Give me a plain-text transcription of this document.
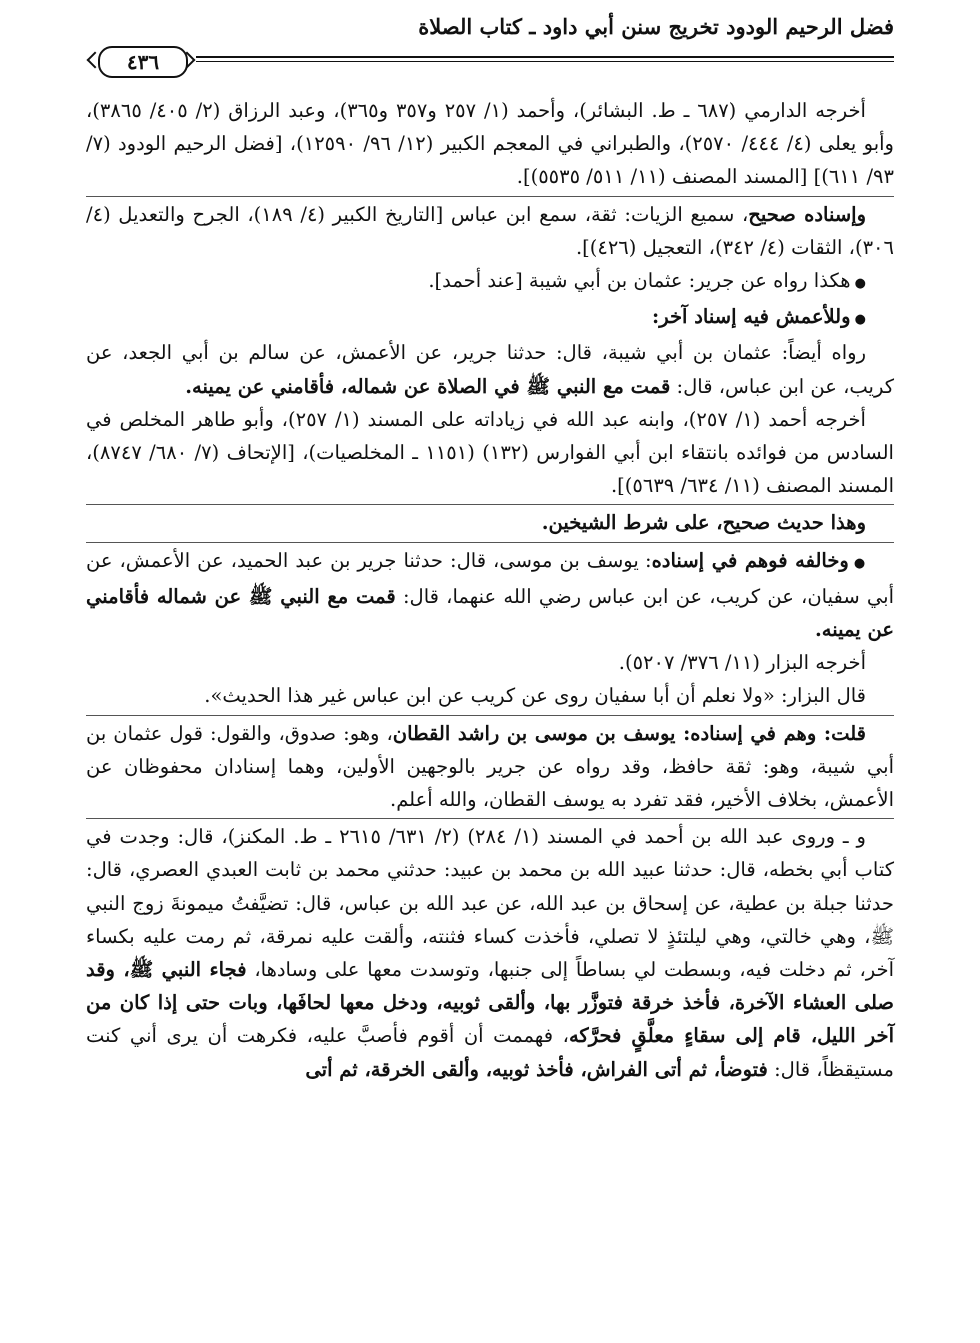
فضل الرحيم الودود تخريج سنن أبي داود ـ كتاب الصلاة
٤٣٦

أخرجه الدارمي (٦٨٧ ـ ط. البشائر)، وأحمد (١/ ٢٥٧ و٣٥٧ و٣٦٥)، وعبد الرزاق (٢/ ٤٠٥/ ٣٨٦٥)، وأبو يعلى (٤/ ٤٤٤/ ٢٥٧٠)، والطبراني في المعجم الكبير (١٢/ ٩٦/ ١٢٥٩٠)، [فضل الرحيم الودود (٧/ ٩٣/ ٦١١)] [المسند المصنف (١١/ ٥١١/ ٥٥٣٥)].

وإسناده صحيح، سميع الزيات: ثقة، سمع ابن عباس [التاريخ الكبير (٤/ ١٨٩)، الجرح والتعديل (٤/ ٣٠٦)، الثقات (٤/ ٣٤٢)، التعجيل (٤٢٦)].

● هكذا رواه عن جرير: عثمان بن أبي شيبة [عند أحمد].

● وللأعمش فيه إسناد آخر:

رواه أيضاً: عثمان بن أبي شيبة، قال: حدثنا جرير، عن الأعمش، عن سالم بن أبي الجعد، عن كريب، عن ابن عباس، قال: قمت مع النبي ﷺ في الصلاة عن شماله، فأقامني عن يمينه.

أخرجه أحمد (١/ ٢٥٧)، وابنه عبد الله في زياداته على المسند (١/ ٢٥٧)، وأبو طاهر المخلص في السادس من فوائده بانتقاء ابن أبي الفوارس (١٣٢) (١١٥١ ـ المخلصيات)، [الإتحاف (٧/ ٦٨٠/ ٨٧٤٧)، المسند المصنف (١١/ ٦٣٤/ ٥٦٣٩)].

وهذا حديث صحيح، على شرط الشيخين.

● وخالفه فوهم في إسناده: يوسف بن موسى، قال: حدثنا جرير بن عبد الحميد، عن الأعمش، عن أبي سفيان، عن كريب، عن ابن عباس رضي الله عنهما، قال: قمت مع النبي ﷺ عن شماله فأقامني عن يمينه.

أخرجه البزار (١١/ ٣٧٦/ ٥٢٠٧).

قال البزار: «ولا نعلم أن أبا سفيان روى عن كريب عن ابن عباس غير هذا الحديث».

قلت: وهم في إسناده: يوسف بن موسى بن راشد القطان، وهو: صدوق، والقول: قول عثمان بن أبي شيبة، وهو: ثقة حافظ، وقد رواه عن جرير بالوجهين الأولين، وهما إسنادان محفوظان عن الأعمش، بخلاف الأخير، فقد تفرد به يوسف القطان، والله أعلم.

و ـ وروى عبد الله بن أحمد في المسند (١/ ٢٨٤) (٢/ ٦٣١/ ٢٦١٥ ـ ط. المكنز)، قال: وجدت في كتاب أبي بخطه، قال: حدثنا عبيد الله بن محمد بن عبيد: حدثني محمد بن ثابت العبدي العصري، قال: حدثنا جبلة بن عطية، عن إسحاق بن عبد الله، عن عبد الله بن عباس، قال: تضيَّفتُ ميمونةَ زوج النبي ﷺ، وهي خالتي، وهي ليلتئذٍ لا تصلي، فأخذت كساء فثنته، وألقت عليه نمرقة، ثم رمت عليه بكساء آخر، ثم دخلت فيه، وبسطت لي بساطاً إلى جنبها، وتوسدت معها على وسادها، فجاء النبي ﷺ، وقد صلى العشاء الآخرة، فأخذ خرقة فتوزَّر بها، وألقى ثوبيه، ودخل معها لحافَها، وبات حتى إذا كان من آخر الليل، قام إلى سقاءٍ معلَّقٍ فحرَّكه، فهممت أن أقوم فأصبَّ عليه، فكرهت أن يرى أني كنت مستيقظاً، قال: فتوضأ، ثم أتى الفراش، فأخذ ثوبيه، وألقى الخرقة، ثم أتى
